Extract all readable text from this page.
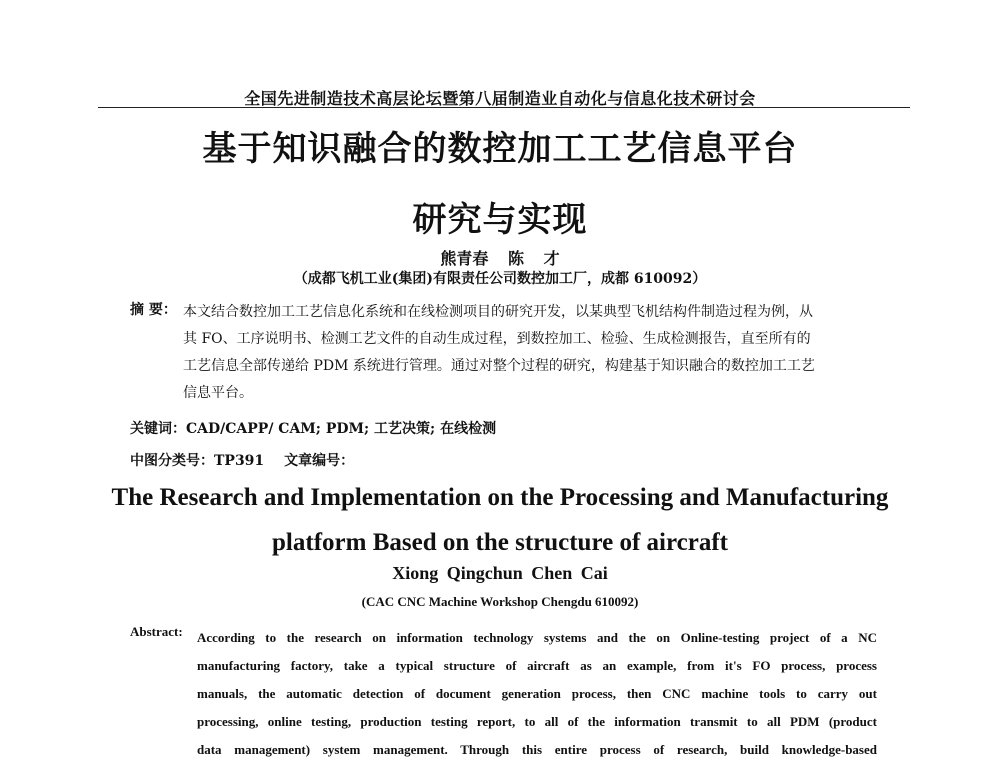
全国先进制造技术高层论坛暨第八届制造业自动化与信息化技术研讨会
基于知识融合的数控加工工艺信息平台
研究与实现
熊青春 陈 才
（成都飞机工业(集团)有限责任公司数控加工厂，成都 610092）
摘 要： 本文结合数控加工工艺信息化系统和在线检测项目的研究开发，以某典型飞机结构件制造过程为例，从
其 FO、工序说明书、检测工艺文件的自动生成过程，到数控加工、检验、生成检测报告，直至所有的
工艺信息全部传递给 PDM 系统进行管理。通过对整个过程的研究，构建基于知识融合的数控加工工艺
信息平台。
关键词：CAD/CAPP/ CAM; PDM; 工艺决策; 在线检测
中图分类号：TP391 文章编号：
The Research and Implementation on the Processing and Manufacturing
platform Based on the structure of aircraft
Xiong Qingchun Chen Cai
(CAC CNC Machine Workshop Chengdu 610092)
Abstract: According to the research on information technology systems and the on Online-testing project of a NC
manufacturing factory, take a typical structure of aircraft as an example, from it's FO process, process
manuals, the automatic detection of document generation process, then CNC machine tools to carry out
processing, online testing, production testing report, to all of the information transmit to all PDM (product
data management) system management. Through this entire process of research, build knowledge-based
